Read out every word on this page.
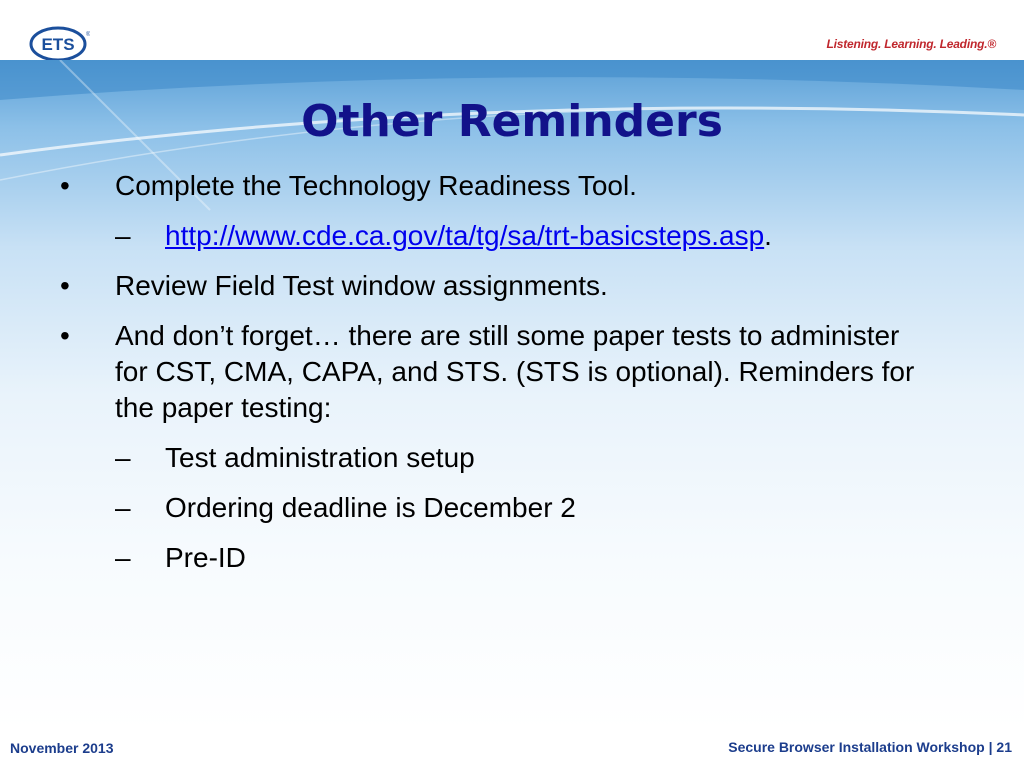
ETS ®
Listening. Learning. Leading.®
Other Reminders
• Complete the Technology Readiness Tool.
– http://www.cde.ca.gov/ta/tg/sa/trt-basicsteps.asp.
• Review Field Test window assignments.
• And don’t forget… there are still some paper tests to administer for CST, CMA, CAPA, and STS. (STS is optional). Reminders for the paper testing:
– Test administration setup
– Ordering deadline is December 2
– Pre-ID
November 2013	Secure Browser Installation Workshop | 21
